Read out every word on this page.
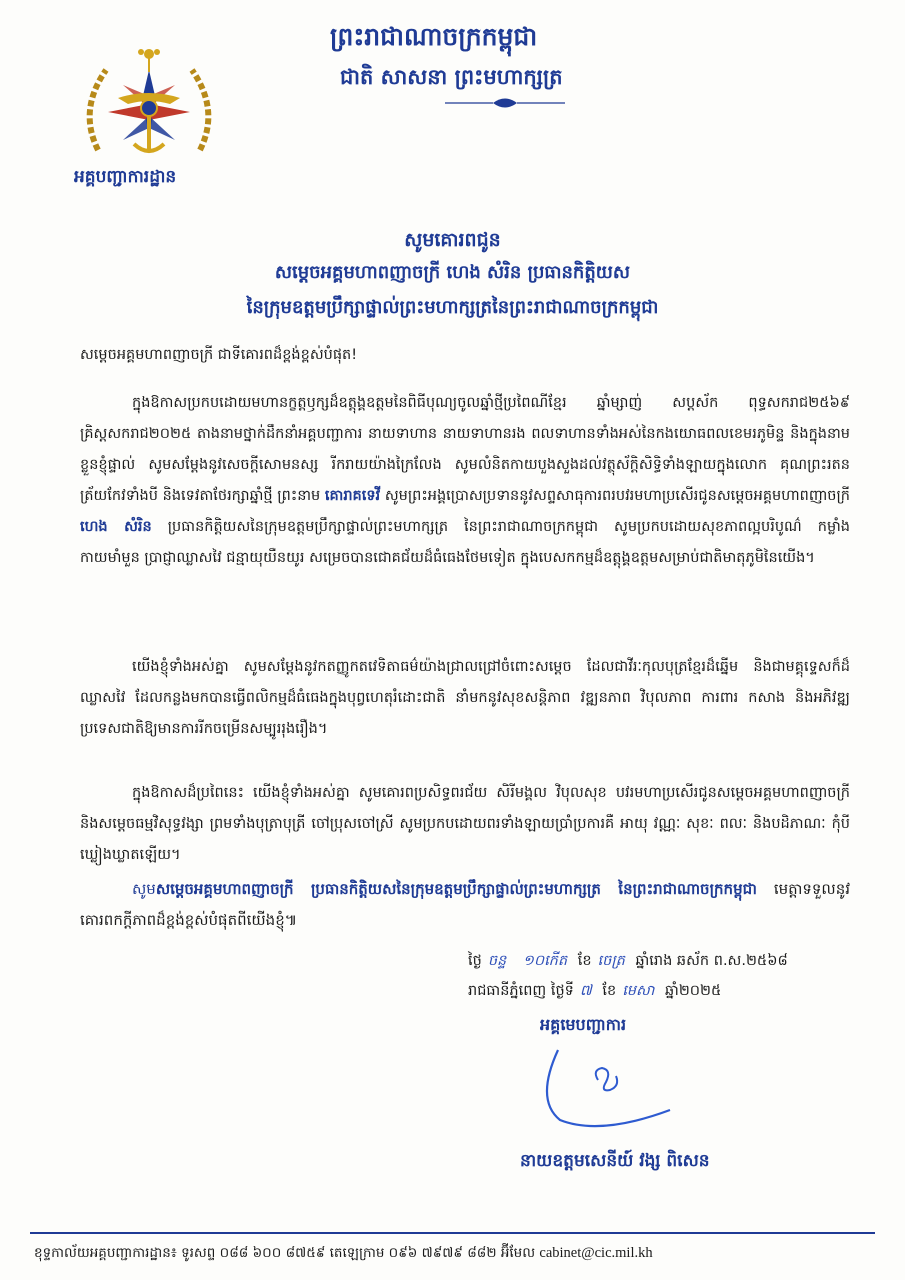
អគ្គបញ្ជាការដ្ឋាន
ព្រះរាជាណាចក្រកម្ពុជា
ជាតិ សាសនា ព្រះមហាក្សត្រ
សូមគោរពជូន
សម្ដេចអគ្គមហាពញាចក្រី ហេង សំរិន ប្រធានកិត្តិយស
នៃក្រុមឧត្ដមប្រឹក្សាផ្ទាល់ព្រះមហាក្សត្រនៃព្រះរាជាណាចក្រកម្ពុជា
សម្ដេចអគ្គមហាពញាចក្រី ជាទីគោរពដ៏ខ្ពង់ខ្ពស់បំផុត!
ក្នុងឱកាសប្រកបដោយមហានក្ខត្តឫក្សដ៏ឧត្ដុង្គឧត្ដមនៃពិធីបុណ្យចូលឆ្នាំថ្មីប្រពៃណីខ្មែរ ឆ្នាំម្សាញ់ សប្តស័ក ពុទ្ធសករាជ២៥៦៩ គ្រិស្តសករាជ២០២៥ តាងនាមថ្នាក់ដឹកនាំអគ្គបញ្ជាការ នាយទាហាន នាយទាហានរង ពលទាហានទាំងអស់នៃកងយោធពលខេមរភូមិន្ទ និងក្នុងនាមខ្លួនខ្ញុំផ្ទាល់ សូមសម្ដែងនូវសេចក្ដីសោមនស្ស រីករាយយ៉ាងក្រៃលែង សូមលំនិតកាយបួងសួងដល់វត្ថុស័ក្តិសិទ្ធិទាំងឡាយក្នុងលោក គុណព្រះរតនត្រ័យកែវទាំងបី និងទេវតាថែរក្សាឆ្នាំថ្មី ព្រះនាម គោរាគទេវី សូមព្រះអង្គប្រោសប្រទាននូវសព្ទសាធុការពរបវរមហាប្រសើរជូនសម្ដេចអគ្គមហាពញាចក្រី ហេង សំរិន ប្រធានកិត្តិយសនៃក្រុមឧត្តមប្រឹក្សាផ្ទាល់ព្រះមហាក្សត្រ នៃព្រះរាជាណាចក្រកម្ពុជា សូមប្រកបដោយសុខភាពល្អបរិបូណ៌ កម្លាំងកាយមាំមួន ប្រាជ្ញាឈ្លាសវៃ ជន្មាយុយឺនយូរ សម្រេចបានជោគជ័យដ៏ធំធេងថែមទៀត ក្នុងបេសកកម្មដ៏ឧត្ដុង្គឧត្ដមសម្រាប់ជាតិមាតុភូមិនៃយើង។
យើងខ្ញុំទាំងអស់គ្នា សូមសម្ដែងនូវកតញ្ញូកតវេទិតាធម៌យ៉ាងជ្រាលជ្រៅចំពោះសម្ដេច ដែលជាវីរៈកុលបុត្រខ្មែរដ៏ឆ្នើម និងជាមគ្គុទ្ទេសក៏ដ៏ឈ្លាសវៃ ដែលកន្លងមកបានធ្វើពលិកម្មដ៏ធំធេងក្នុងបុព្វហេតុរំដោះជាតិ នាំមកនូវសុខសន្តិភាព វឌ្ឍនភាព វិបុលភាព ការពារ កសាង និងអភិវឌ្ឍប្រទេសជាតិឱ្យមានការរីកចម្រើនសម្បូររុងរឿង។
ក្នុងឱកាសដ៏ប្រពៃនេះ យើងខ្ញុំទាំងអស់គ្នា សូមគោរពប្រសិទ្ធពរជ័យ សិរីមង្គល វិបុលសុខ បវរមហាប្រសើរជូនសម្ដេចអគ្គមហាពញាចក្រី និងសម្ដេចធម្មវិសុទ្ធវង្សា ព្រមទាំងបុត្រាបុត្រី ចៅប្រុសចៅស្រី សូមប្រកបដោយពរទាំងឡាយប្រាំប្រការគឺ អាយុ វណ្ណៈ សុខៈ ពលៈ និងបដិភាណៈ កុំបីឃ្លៀងឃ្លាតឡើយ។
សូមសម្ដេចអគ្គមហាពញាចក្រី ប្រធានកិត្តិយសនៃក្រុមឧត្តមប្រឹក្សាផ្ទាល់ព្រះមហាក្សត្រ នៃព្រះរាជាណាចក្រកម្ពុជា មេត្តាទទួលនូវគោរពកក្តីភាពដ៏ខ្ពង់ខ្ពស់បំផុតពីយើងខ្ញុំ៕
ថ្ងៃ ចន្ទ ១០កើត ខែ ចេត្រ ឆ្នាំរោង ឆស័ក ព.ស.២៥៦៨
រាជធានីភ្នំពេញ ថ្ងៃទី ៧ ខែ មេសា ឆ្នាំ២០២៥
អគ្គមេបញ្ជាការ
នាយឧត្តមសេនីយ៍ វង្ស ពិសេន
ខុទ្ទកាល័យអគ្គបញ្ជាការដ្ឋាន៖ ទូរសព្ទ ០៨៨ ៦០០ ៨៧៥៩ តេឡេក្រាម ០៩៦ ៧៩៧៩ ៨៨២ អ៊ីមែល cabinet@cic.mil.kh
